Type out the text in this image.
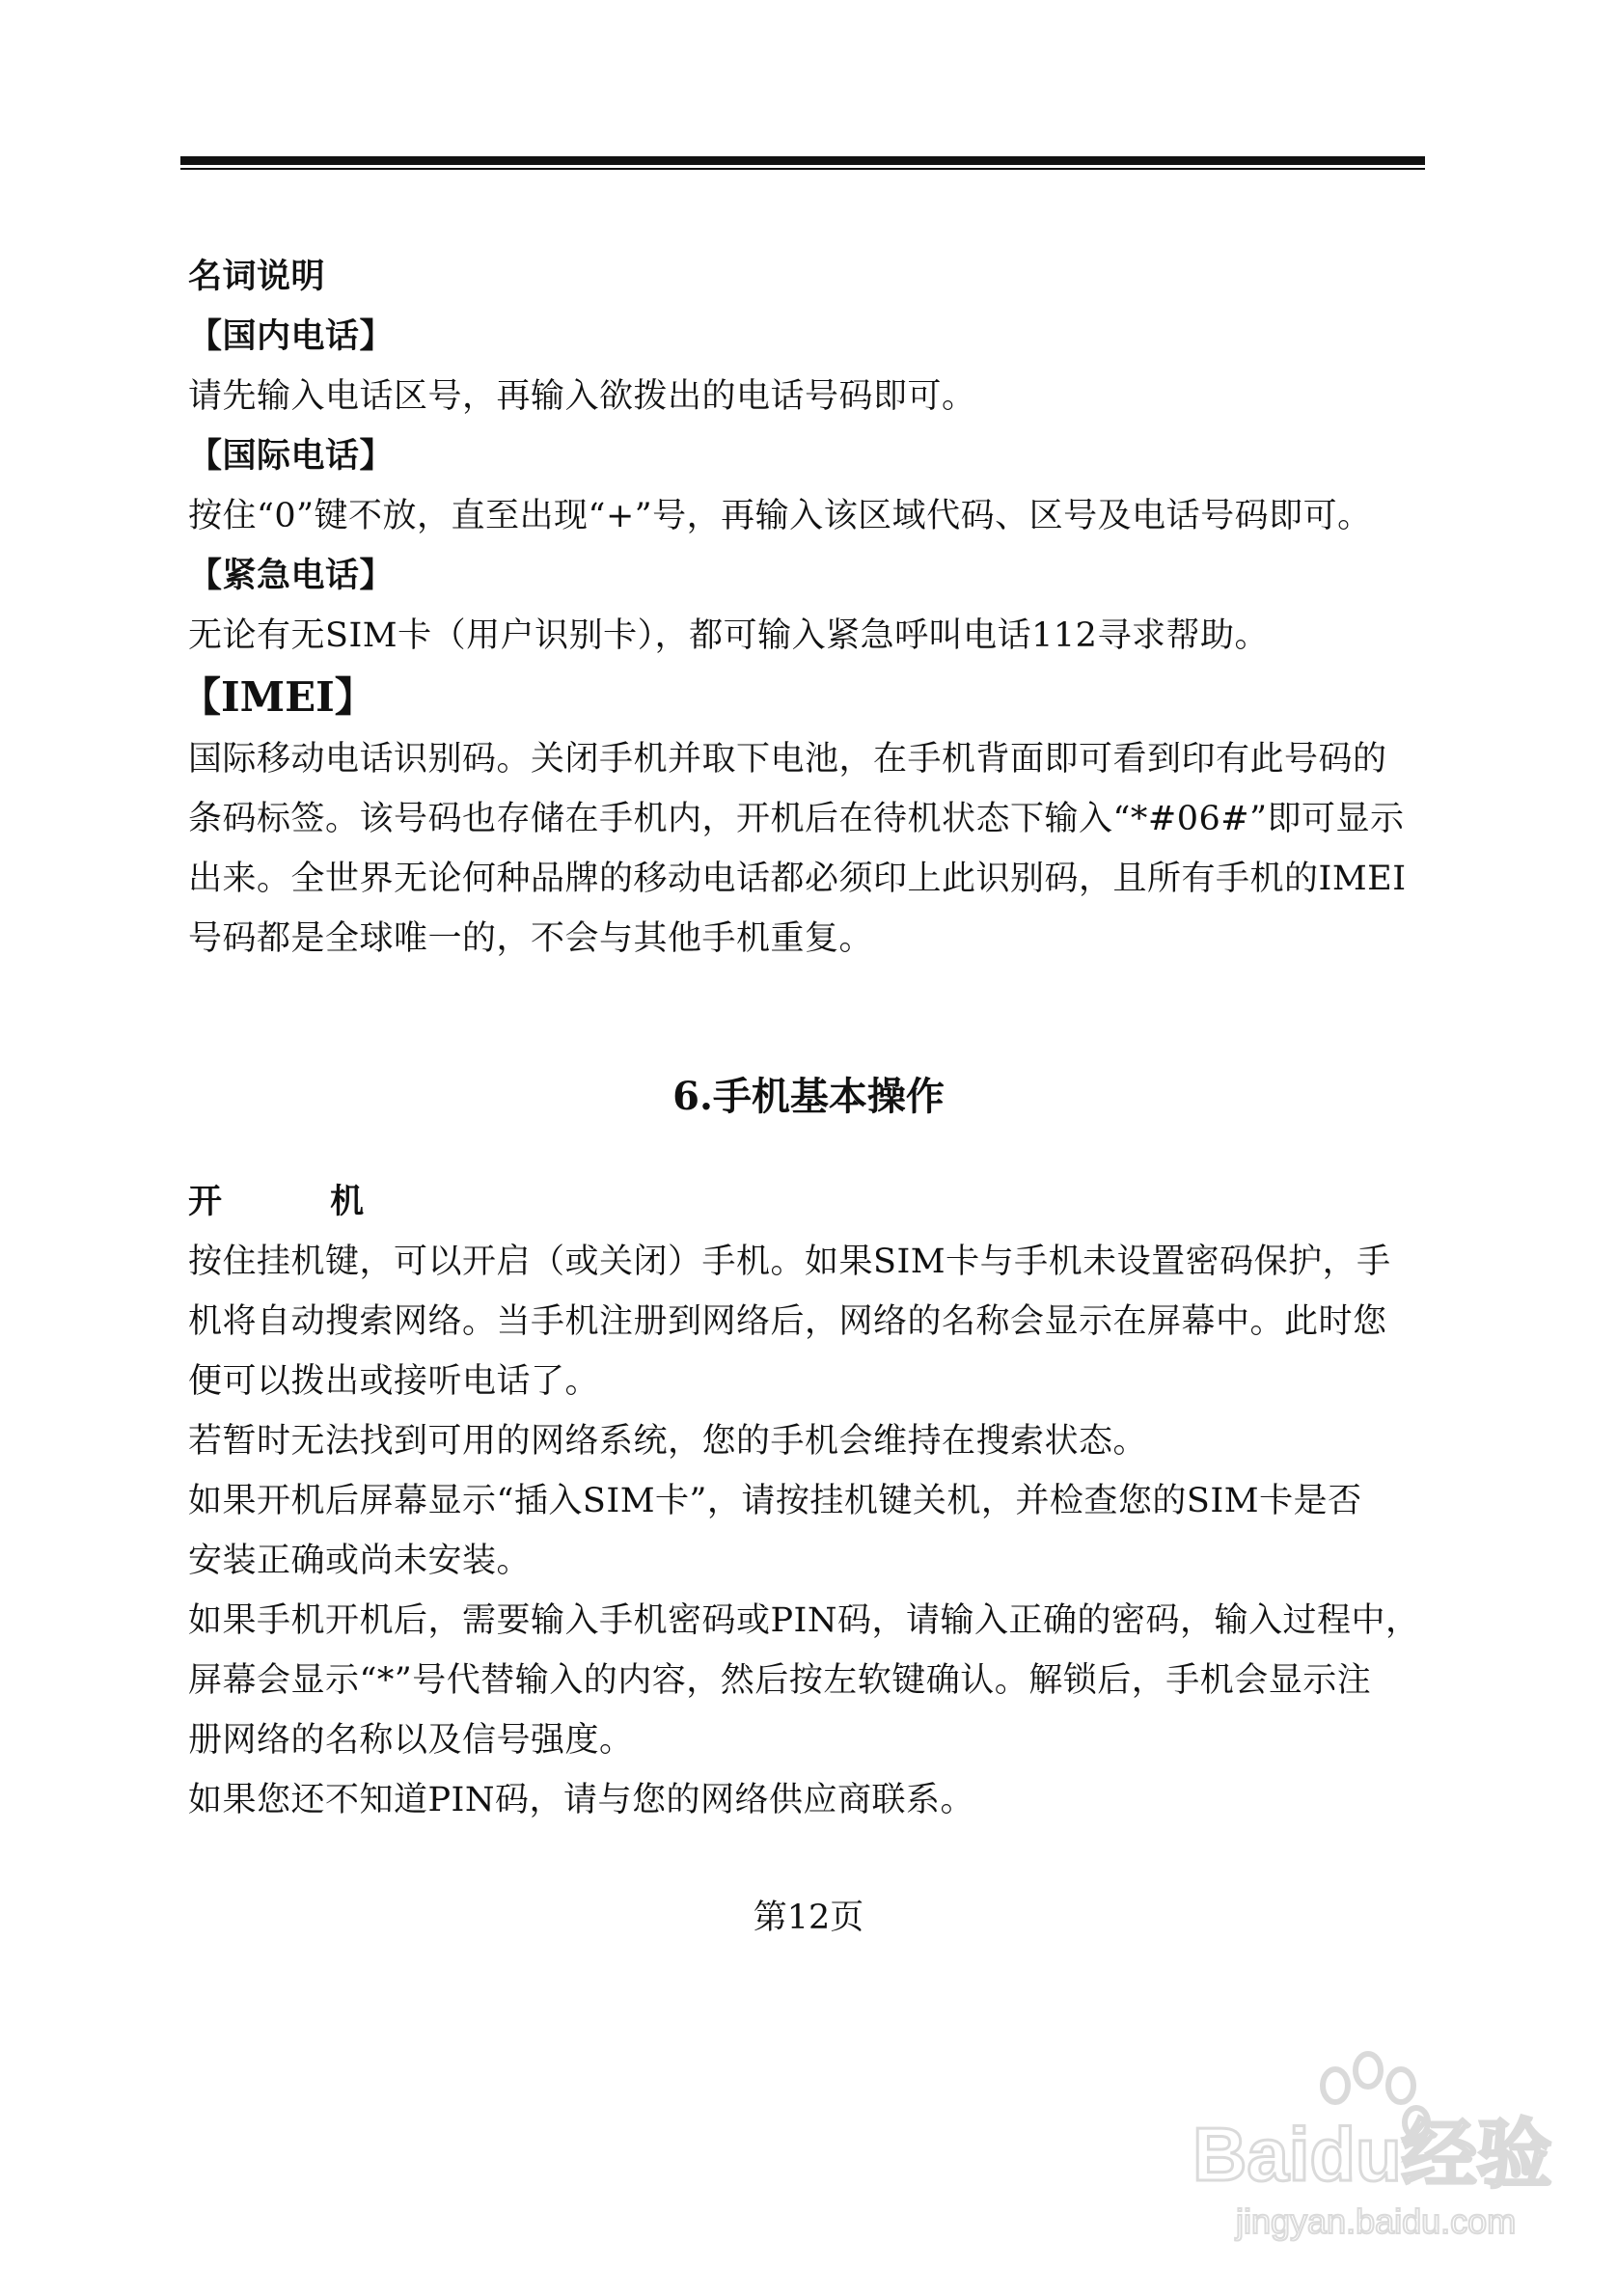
名词说明
【国内电话】
请先输入电话区号，再输入欲拨出的电话号码即可。
【国际电话】
按住“0”键不放，直至出现“+”号，再输入该区域代码、区号及电话号码即可。
【紧急电话】
无论有无SIM卡（用户识别卡），都可输入紧急呼叫电话112寻求帮助。
【IMEI】
国际移动电话识别码。关闭手机并取下电池，在手机背面即可看到印有此号码的
条码标签。该号码也存储在手机内，开机后在待机状态下输入“*#06#”即可显示
出来。全世界无论何种品牌的移动电话都必须印上此识别码，且所有手机的IMEI
号码都是全球唯一的，不会与其他手机重复。
6.手机基本操作
开 机
按住挂机键，可以开启（或关闭）手机。如果SIM卡与手机未设置密码保护，手
机将自动搜索网络。当手机注册到网络后，网络的名称会显示在屏幕中。此时您
便可以拨出或接听电话了。
若暂时无法找到可用的网络系统，您的手机会维持在搜索状态。
如果开机后屏幕显示“插入SIM卡”，请按挂机键关机，并检查您的SIM卡是否
安装正确或尚未安装。
如果手机开机后，需要输入手机密码或PIN码，请输入正确的密码，输入过程中，
屏幕会显示“*”号代替输入的内容，然后按左软键确认。解锁后，手机会显示注
册网络的名称以及信号强度。
如果您还不知道PIN码，请与您的网络供应商联系。
第12页
Baidu经验
jingyan.baidu.com
